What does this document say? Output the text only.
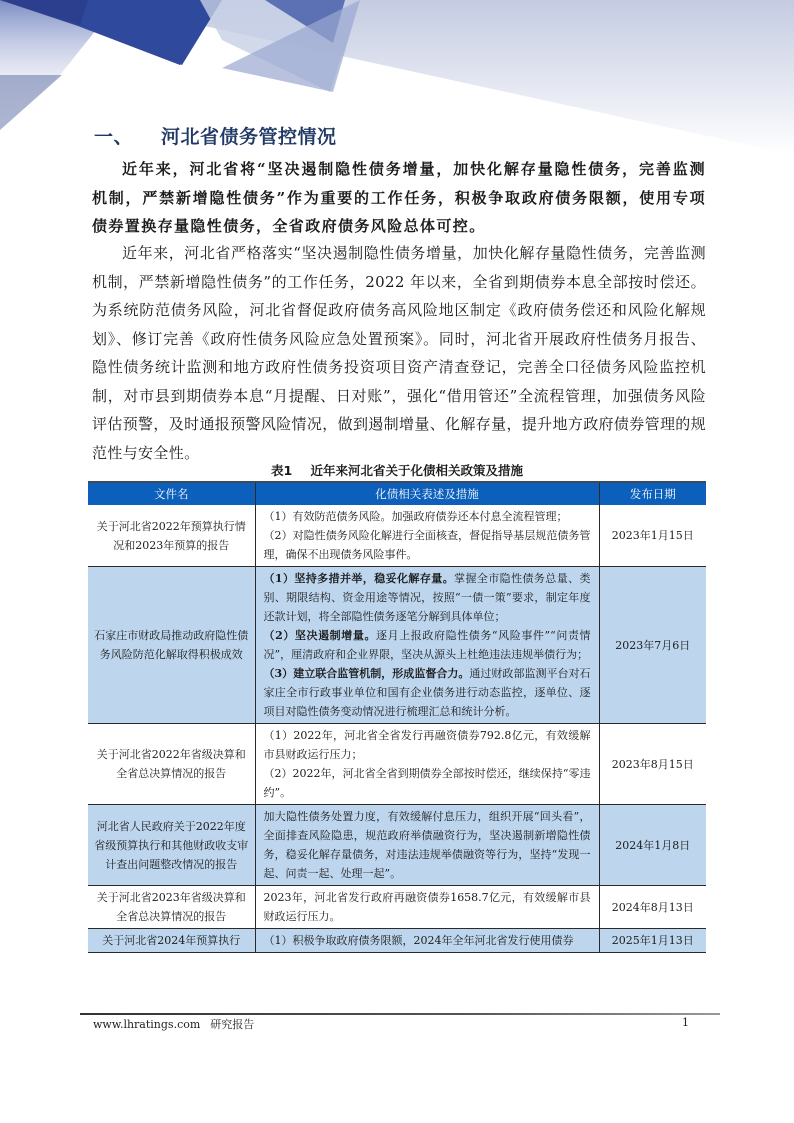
一、 河北省债务管控情况

近年来，河北省将“坚决遏制隐性债务增量，加快化解存量隐性债务，完善监测机制，严禁新增隐性债务”作为重要的工作任务，积极争取政府债务限额，使用专项债券置换存量隐性债务，全省政府债务风险总体可控。

近年来，河北省严格落实“坚决遏制隐性债务增量，加快化解存量隐性债务，完善监测机制，严禁新增隐性债务”的工作任务，2022 年以来，全省到期债券本息全部按时偿还。为系统防范债务风险，河北省督促政府债务高风险地区制定《政府债务偿还和风险化解规划》、修订完善《政府性债务风险应急处置预案》。同时，河北省开展政府性债务月报告、隐性债务统计监测和地方政府性债务投资项目资产清查登记，完善全口径债务风险监控机制，对市县到期债券本息“月提醒、日对账”，强化“借用管还”全流程管理，加强债务风险评估预警，及时通报预警风险情况，做到遏制增量、化解存量，提升地方政府债券管理的规范性与安全性。

表1 近年来河北省关于化债相关政策及措施
文件名	化债相关表述及措施	发布日期
关于河北省2022年预算执行情况和2023年预算的报告	（1）有效防范债务风险。加强政府债券还本付息全流程管理；
（2）对隐性债务风险化解进行全面核查，督促指导基层规范债务管理，确保不出现债务风险事件。	2023年1月15日
石家庄市财政局推动政府隐性债务风险防范化解取得积极成效	（1）坚持多措并举，稳妥化解存量。掌握全市隐性债务总量、类别、期限结构、资金用途等情况，按照“一债一策”要求，制定年度还款计划，将全部隐性债务逐笔分解到具体单位；
（2）坚决遏制增量。逐月上报政府隐性债务“风险事件”“问责情况”，厘清政府和企业界限，坚决从源头上杜绝违法违规举债行为；
（3）建立联合监管机制，形成监督合力。通过财政部监测平台对石家庄全市行政事业单位和国有企业债务进行动态监控，逐单位、逐项目对隐性债务变动情况进行梳理汇总和统计分析。	2023年7月6日
关于河北省2022年省级决算和全省总决算情况的报告	（1）2022年，河北省全省发行再融资债券792.8亿元，有效缓解市县财政运行压力；
（2）2022年，河北省全省到期债券全部按时偿还，继续保持“零违约”。	2023年8月15日
河北省人民政府关于2022年度省级预算执行和其他财政收支审计查出问题整改情况的报告	加大隐性债务处置力度，有效缓解付息压力，组织开展“回头看”，全面排查风险隐患，规范政府举债融资行为，坚决遏制新增隐性债务，稳妥化解存量债务，对违法违规举债融资等行为，坚持“发现一起、问责一起、处理一起”。	2024年1月8日
关于河北省2023年省级决算和全省总决算情况的报告	2023年，河北省发行政府再融资债券1658.7亿元，有效缓解市县财政运行压力。	2024年8月13日
关于河北省2024年预算执行	（1）积极争取政府债务限额，2024年全年河北省发行使用债券	2025年1月13日
www.lhratings.com 研究报告	1
